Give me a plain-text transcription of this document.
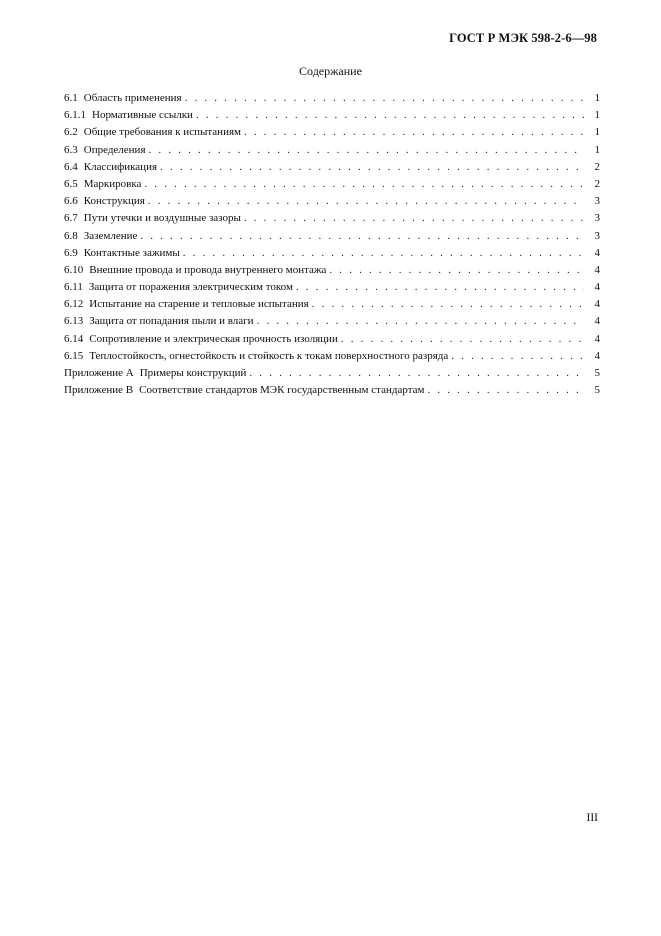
ГОСТ Р МЭК 598-2-6—98
Содержание
6.1 Область применения . . .	1
6.1.1 Нормативные ссылки . . .	1
6.2 Общие требования к испытаниям . . .	1
6.3 Определения . . .	1
6.4 Классификация . . .	2
6.5 Маркировка . . .	2
6.6 Конструкция . . .	3
6.7 Пути утечки и воздушные зазоры . . .	3
6.8 Заземление . . .	3
6.9 Контактные зажимы . . .	4
6.10 Внешние провода и провода внутреннего монтажа . . .	4
6.11 Защита от поражения электрическим током . . .	4
6.12 Испытание на старение и тепловые испытания . . .	4
6.13 Защита от попадания пыли и влаги . . .	4
6.14 Сопротивление и электрическая прочность изоляции . . .	4
6.15 Теплостойкость, огнестойкость и стойкость к токам поверхностного разряда . . .	4
Приложение А Примеры конструкций . . .	5
Приложение В Соответствие стандартов МЭК государственным стандартам . . .	5
III
